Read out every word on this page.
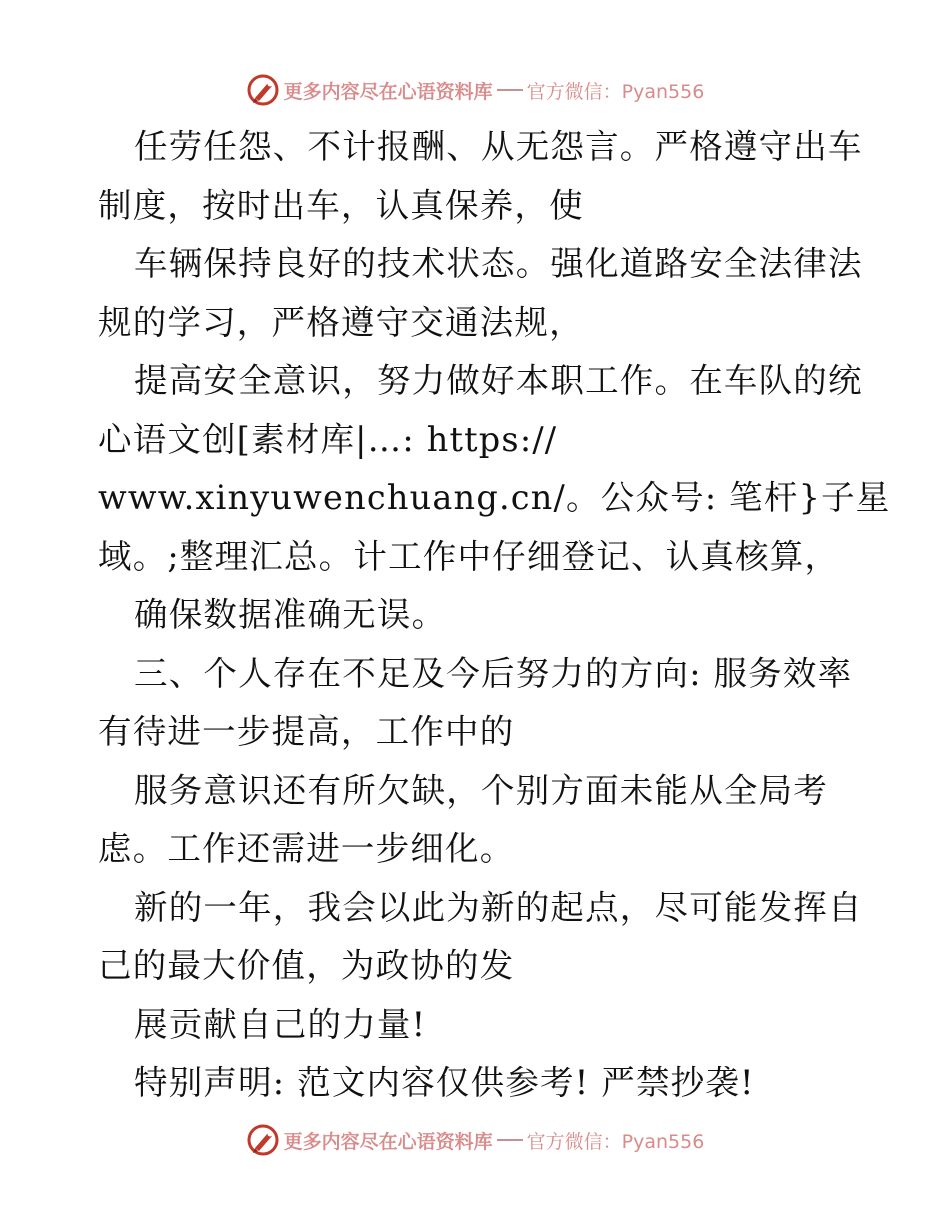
更多内容尽在心语资料库 官方微信：Pyan556
任劳任怨、不计报酬、从无怨言。严格遵守出车
制度，按时出车，认真保养，使
车辆保持良好的技术状态。强化道路安全法律法
规的学习，严格遵守交通法规，
提高安全意识，努力做好本职工作。在车队的统
心语文创[素材库|…: https://
www.xinyuwenchuang.cn/。公众号: 笔杆}子星
域。;整理汇总。计工作中仔细登记、认真核算，
确保数据准确无误。
三、个人存在不足及今后努力的方向: 服务效率
有待进一步提高，工作中的
服务意识还有所欠缺，个别方面未能从全局考
虑。工作还需进一步细化。
新的一年，我会以此为新的起点，尽可能发挥自
己的最大价值，为政协的发
展贡献自己的力量!
特别声明: 范文内容仅供参考! 严禁抄袭!
更多内容尽在心语资料库 官方微信：Pyan556
